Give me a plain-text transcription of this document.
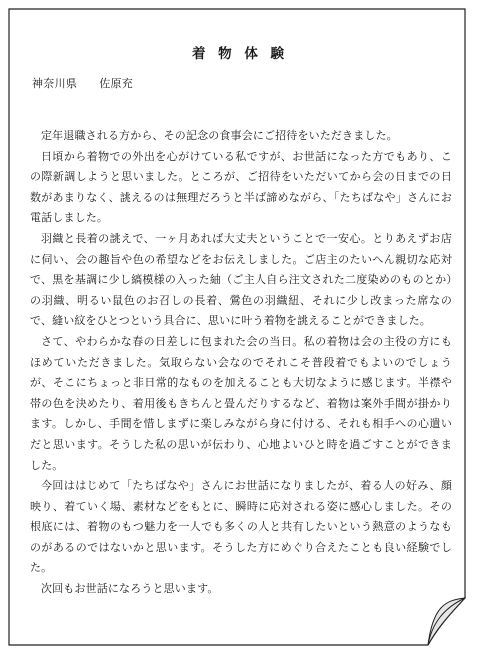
着 物 体 験
神奈川県 佐原充

定年退職される方から、その記念の食事会にご招待をいただきました。

日頃から着物での外出を心がけている私ですが、お世話になった方でもあり、この際新調しようと思いました。ところが、ご招待をいただいてから会の日までの日数があまりなく、誂えるのは無理だろうと半ば諦めながら、「たちばなや」さんにお電話しました。

羽織と長着の誂えで、一ヶ月あれば大丈夫ということで一安心。とりあえずお店に伺い、会の趣旨や色の希望などをお伝えしました。ご店主のたいへん親切な応対で、黒を基調に少し縞模様の入った紬（ご主人自ら注文された二度染めのものとか）の羽織、明るい鼠色のお召しの長着、鶯色の羽織紐、それに少し改まった席なので、縫い紋をひとつという具合に、思いに叶う着物を誂えることができました。

さて、やわらかな春の日差しに包まれた会の当日。私の着物は会の主役の方にもほめていただきました。気取らない会なのでそれこそ普段着でもよいのでしょうが、そこにちょっと非日常的なものを加えることも大切なように感じます。半襟や帯の色を決めたり、着用後もきちんと畳んだりするなど、着物は案外手間が掛かります。しかし、手間を惜しまずに楽しみながら身に付ける、それも相手への心遣いだと思います。そうした私の思いが伝わり、心地よいひと時を過ごすことができました。

今回ははじめて「たちばなや」さんにお世話になりましたが、着る人の好み、顔映り、着ていく場、素材などをもとに、瞬時に応対される姿に感心しました。その根底には、着物のもつ魅力を一人でも多くの人と共有したいという熱意のようなものがあるのではないかと思います。そうした方にめぐり合えたことも良い経験でした。

次回もお世話になろうと思います。
